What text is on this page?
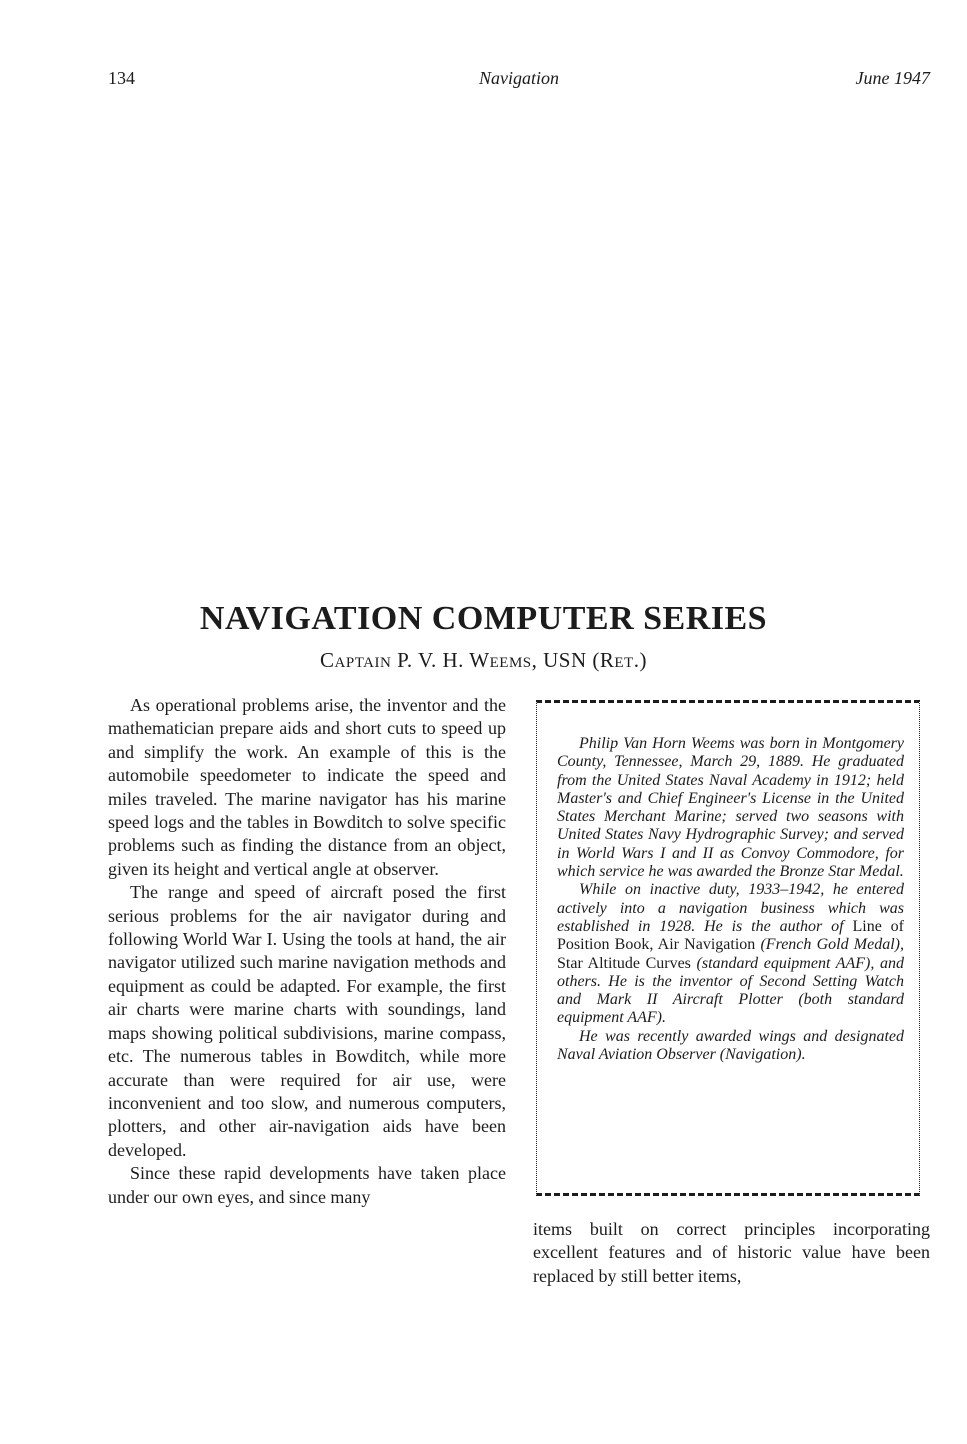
134	Navigation	June 1947
NAVIGATION COMPUTER SERIES
Captain P. V. H. Weems, USN (Ret.)

As operational problems arise, the inventor and the mathematician prepare aids and short cuts to speed up and simplify the work. An example of this is the automobile speedometer to indicate the speed and miles traveled. The marine navigator has his marine speed logs and the tables in Bowditch to solve specific problems such as finding the distance from an object, given its height and vertical angle at observer.

The range and speed of aircraft posed the first serious problems for the air navigator during and following World War I. Using the tools at hand, the air navigator utilized such marine navigation methods and equipment as could be adapted. For example, the first air charts were marine charts with soundings, land maps showing political subdivisions, marine compass, etc. The numerous tables in Bowditch, while more accurate than were required for air use, were inconvenient and too slow, and numerous computers, plotters, and other air-navigation aids have been developed.

Since these rapid developments have taken place under our own eyes, and since many

Philip Van Horn Weems was born in Montgomery County, Tennessee, March 29, 1889. He graduated from the United States Naval Academy in 1912; held Master's and Chief Engineer's License in the United States Merchant Marine; served two seasons with United States Navy Hydrographic Survey; and served in World Wars I and II as Convoy Commodore, for which service he was awarded the Bronze Star Medal.

While on inactive duty, 1933–1942, he entered actively into a navigation business which was established in 1928. He is the author of Line of Position Book, Air Navigation (French Gold Medal), Star Altitude Curves (standard equipment AAF), and others. He is the inventor of Second Setting Watch and Mark II Aircraft Plotter (both standard equipment AAF).

He was recently awarded wings and designated Naval Aviation Observer (Navigation).

items built on correct principles incorporating excellent features and of historic value have been replaced by still better items,
